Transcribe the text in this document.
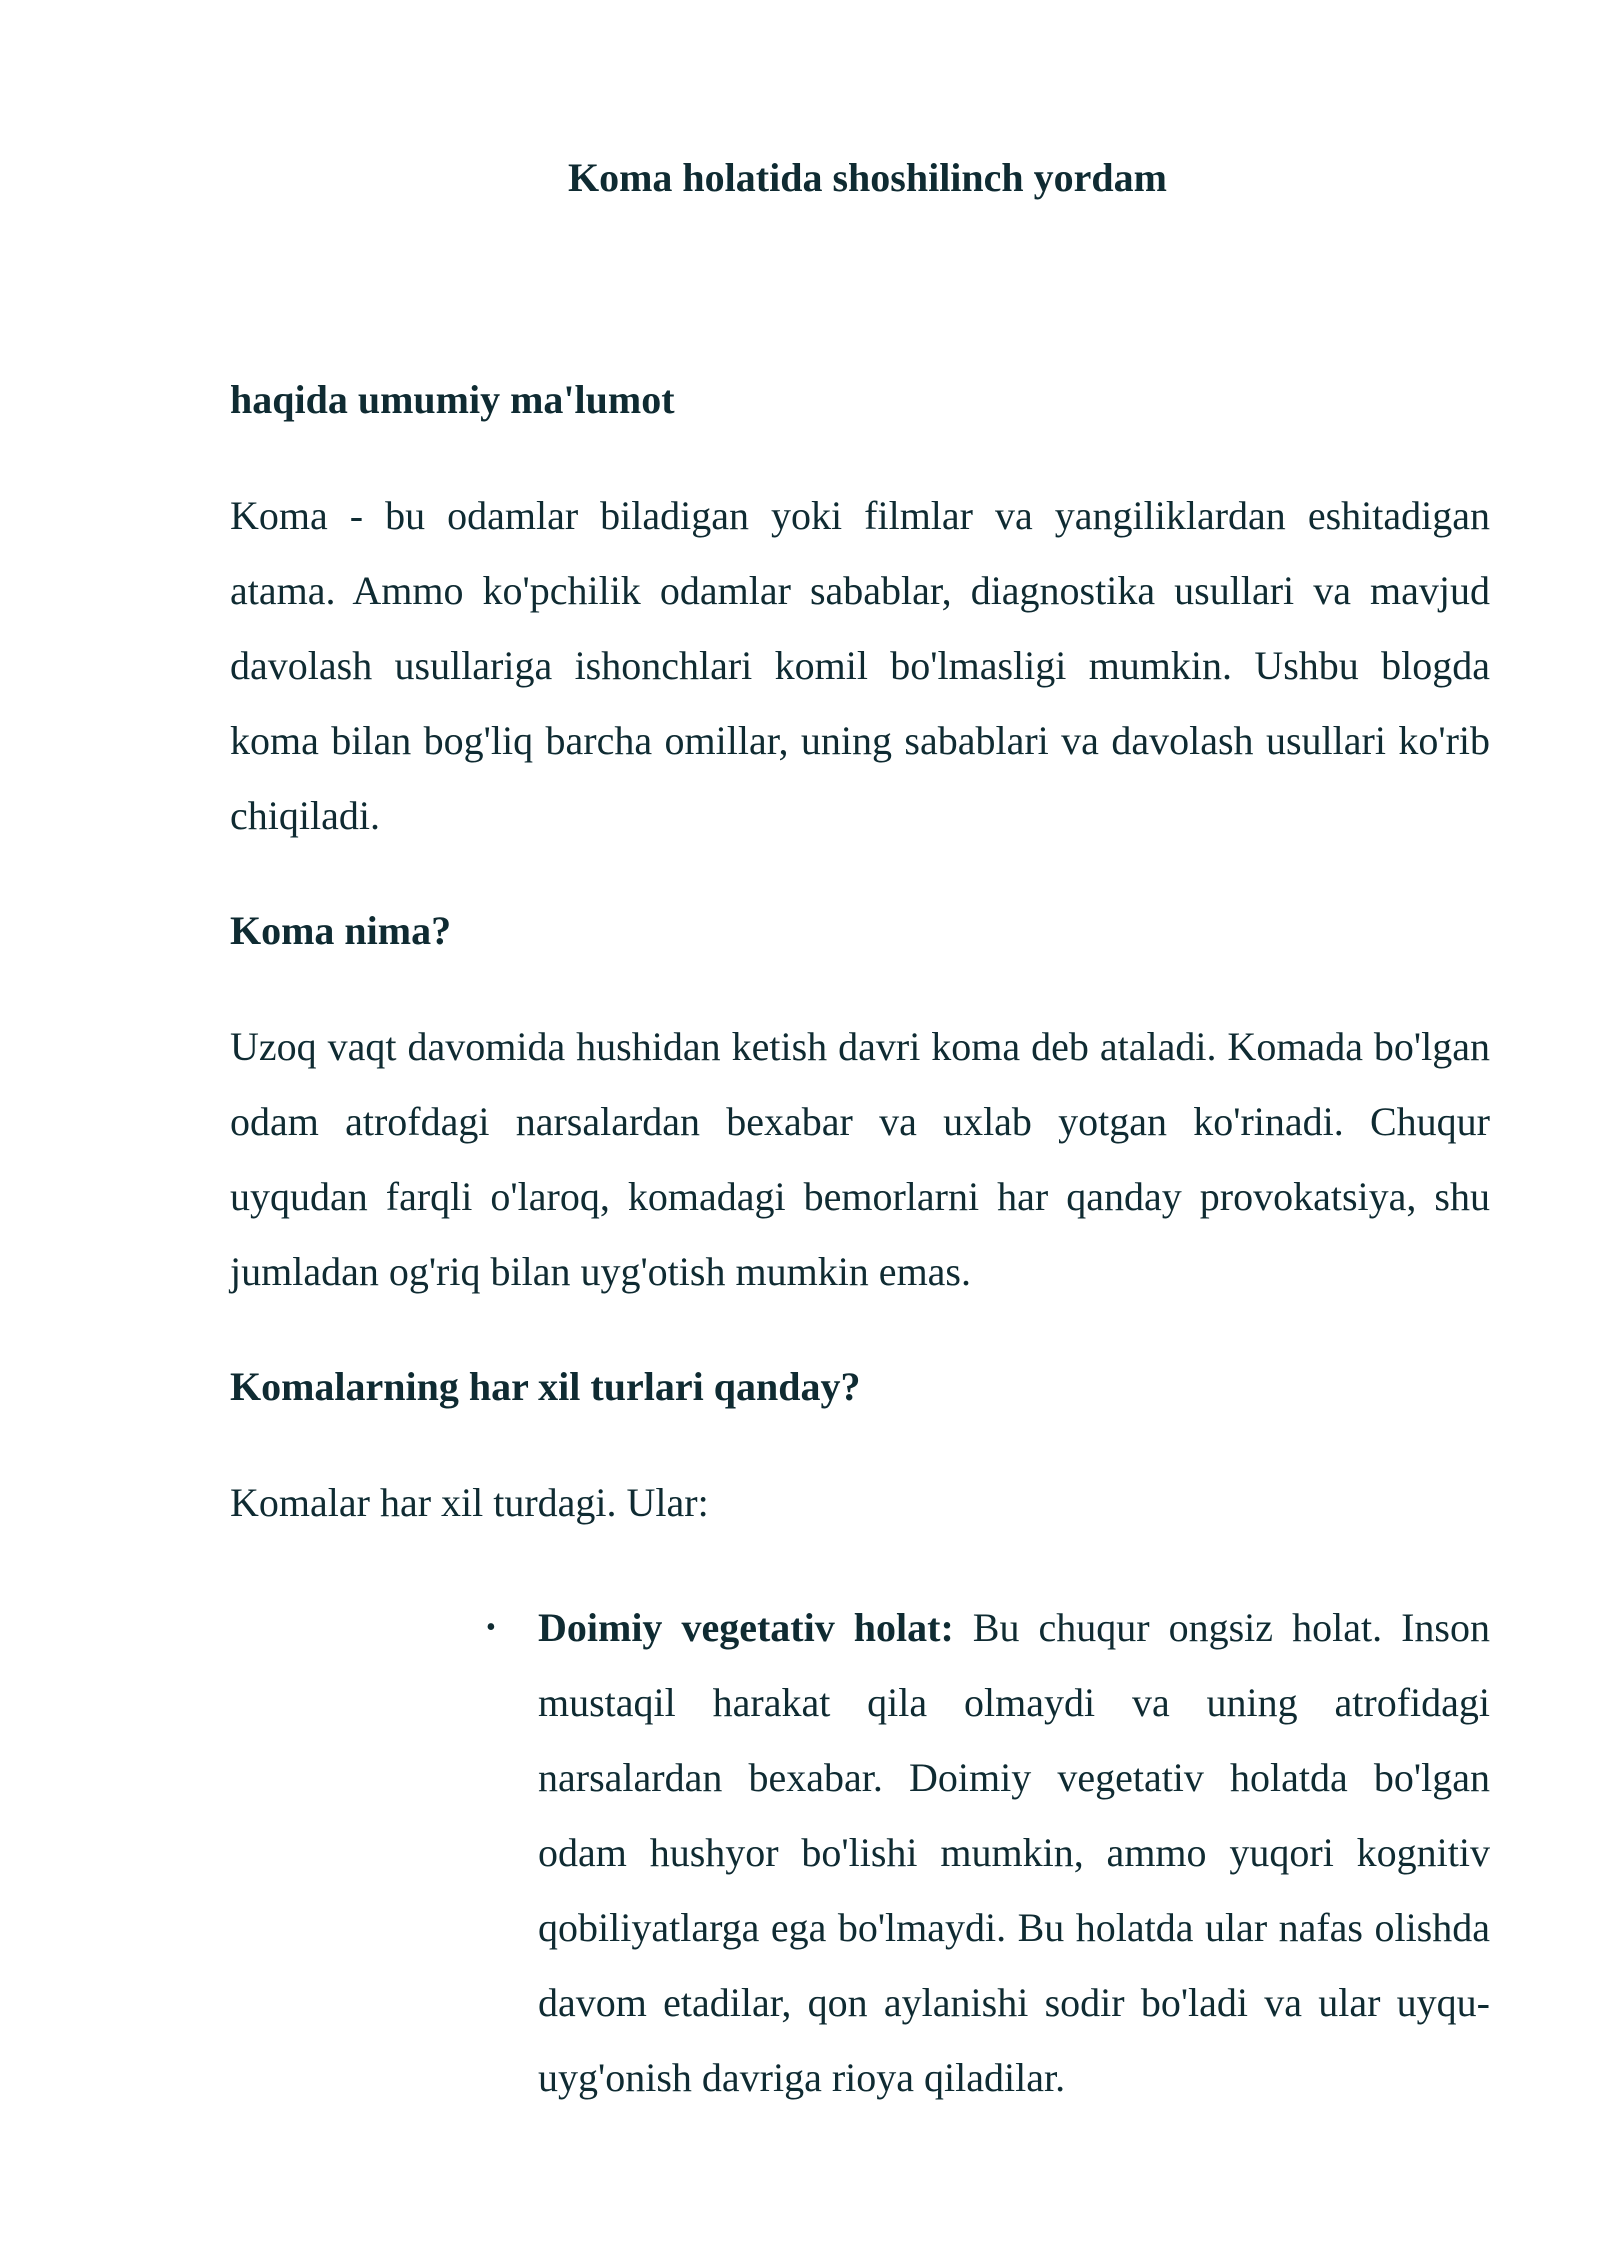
Koma holatida shoshilinch yordam
haqida umumiy ma'lumot

Koma - bu odamlar biladigan yoki filmlar va yangiliklardan eshitadigan atama. Ammo ko'pchilik odamlar sabablar, diagnostika usullari va mavjud davolash usullariga ishonchlari komil bo'lmasligi mumkin. Ushbu blogda koma bilan bog'liq barcha omillar, uning sabablari va davolash usullari ko'rib chiqiladi.

Koma nima?

Uzoq vaqt davomida hushidan ketish davri koma deb ataladi. Komada bo'lgan odam atrofdagi narsalardan bexabar va uxlab yotgan ko'rinadi. Chuqur uyqudan farqli o'laroq, komadagi bemorlarni har qanday provokatsiya, shu jumladan og'riq bilan uyg'otish mumkin emas.

Komalarning har xil turlari qanday?

Komalar har xil turdagi. Ular:

• Doimiy vegetativ holat: Bu chuqur ongsiz holat. Inson mustaqil harakat qila olmaydi va uning atrofidagi narsalardan bexabar. Doimiy vegetativ holatda bo'lgan odam hushyor bo'lishi mumkin, ammo yuqori kognitiv qobiliyatlarga ega bo'lmaydi. Bu holatda ular nafas olishda davom etadilar, qon aylanishi sodir bo'ladi va ular uyqu-uyg'onish davriga rioya qiladilar.
